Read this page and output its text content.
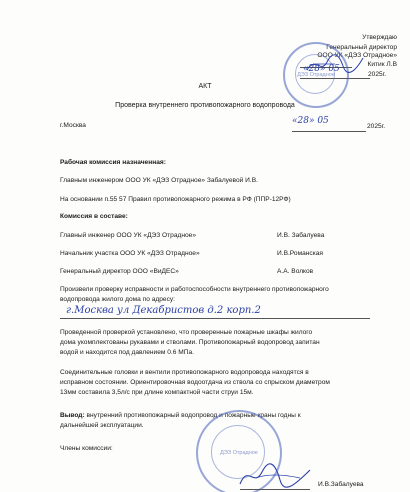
Утверждаю
Генеральный директор
ООО УК «ДЭЗ Отрадное»
Китик Л.В
«28» 05
2025г.
ДЭЗ Отрадное
АКТ
Проверка внутреннего противопожарного водопровода
г.Москва	«28» 05
2025г.
Рабочая комиссия назначенная:
Главным инженером ООО УК «ДЭЗ Отрадное» Забалуевой И.В.
На основании п.55 57 Правил противопожарного режима в РФ (ППР-12РФ)
Комиссия в составе:
Главный инженер ООО УК «ДЭЗ Отрадное»	И.В. Забалуева
Начальник участка ООО УК «ДЭЗ Отрадное»	И.В.Романская
Генеральный директор ООО «ВиДЕС»	А.А. Волков
Произвели проверку исправности и работоспособности внутреннего противопожарного
водопровода жилого дома по адресу:
г.Москва ул Декабристов д.2 корп.2
Проведенной проверкой установлено, что проверенные пожарные шкафы жилого
дома укомплектованы рукавами и стволами. Противопожарный водопровод запитан
водой и находится под давлением 0.6 МПа.
Соединительные головки и вентили противопожарного водопровода находятся в
исправном состоянии. Ориентировочная водоотдача из ствола со спрыском диаметром
13мм составила 3,5л/с при длине компактной части струи 15м.
Вывод: внутренний противопожарный водопровод и пожарные краны годны к
дальнейшей эксплуатации.
Члены комиссии:
ДЭЗ Отрадное
И.В.Забалуева
